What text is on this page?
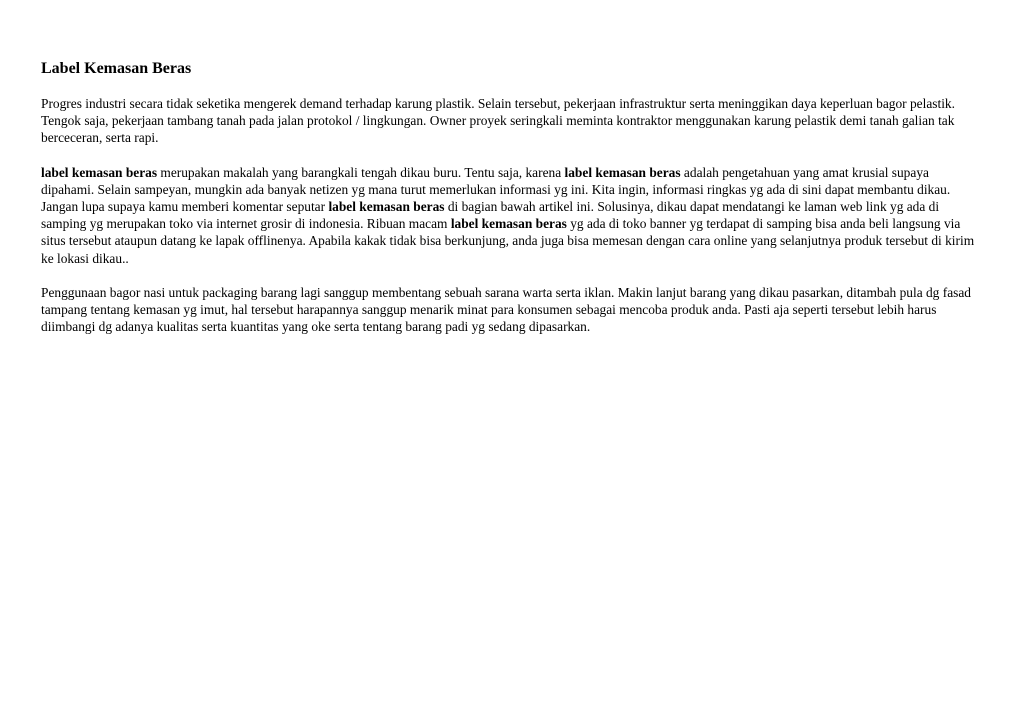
Label Kemasan Beras

Progres industri secara tidak seketika mengerek demand terhadap karung plastik. Selain tersebut, pekerjaan infrastruktur serta meninggikan daya keperluan bagor pelastik. Tengok saja, pekerjaan tambang tanah pada jalan protokol / lingkungan. Owner proyek seringkali meminta kontraktor menggunakan karung pelastik demi tanah galian tak berceceran, serta rapi.

label kemasan beras merupakan makalah yang barangkali tengah dikau buru. Tentu saja, karena label kemasan beras adalah pengetahuan yang amat krusial supaya dipahami. Selain sampeyan, mungkin ada banyak netizen yg mana turut memerlukan informasi yg ini. Kita ingin, informasi ringkas yg ada di sini dapat membantu dikau. Jangan lupa supaya kamu memberi komentar seputar label kemasan beras di bagian bawah artikel ini. Solusinya, dikau dapat mendatangi ke laman web link yg ada di samping yg merupakan toko via internet grosir di indonesia. Ribuan macam label kemasan beras yg ada di toko banner yg terdapat di samping bisa anda beli langsung via situs tersebut ataupun datang ke lapak offlinenya. Apabila kakak tidak bisa berkunjung, anda juga bisa memesan dengan cara online yang selanjutnya produk tersebut di kirim ke lokasi dikau..

Penggunaan bagor nasi untuk packaging barang lagi sanggup membentang sebuah sarana warta serta iklan. Makin lanjut barang yang dikau pasarkan, ditambah pula dg fasad tampang tentang kemasan yg imut, hal tersebut harapannya sanggup menarik minat para konsumen sebagai mencoba produk anda. Pasti aja seperti tersebut lebih harus diimbangi dg adanya kualitas serta kuantitas yang oke serta tentang barang padi yg sedang dipasarkan.
